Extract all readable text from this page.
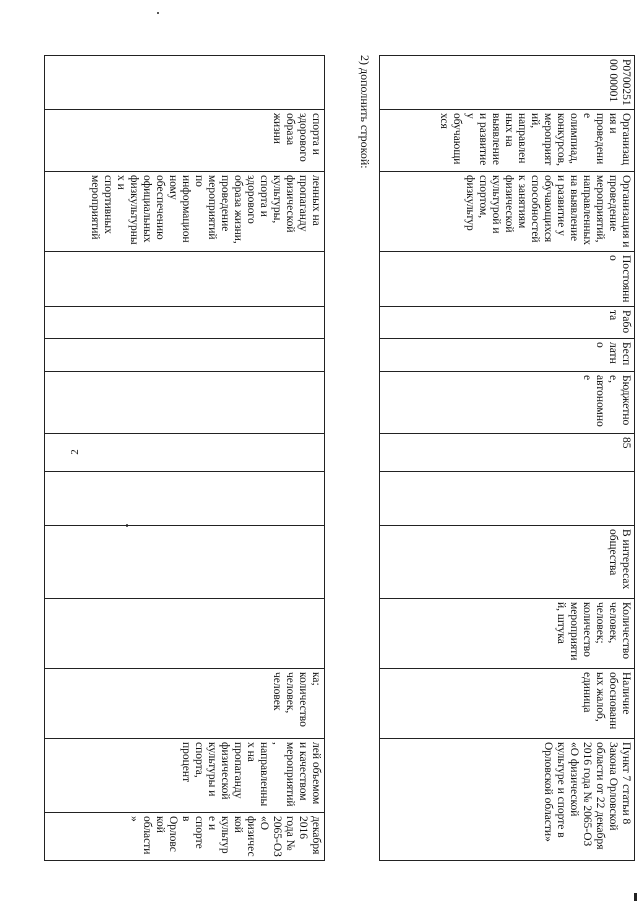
2
	спорта и здорового образа жизни	ленных на пропаганду физической культуры, спорта и здорового образа жизни, проведение мероприятий по информационному обеспечению официальных физкультурных и спортивных мероприятий									ка; количество человек, человек	лей объемом и качеством мероприятий, направленных на пропаганду физической культуры и спорта, процент	декабря 2016 года № 2065-ОЗ «О физической культуре и спорте в Орловской области»
2) дополнить строкой:	Р070025100 00001	Организация и проведение олимпиад, конкурсов, мероприятий, направленных на выявление и развитие у обучающихся	Организация и проведение мероприятий, направленных на выявление и развитие у обучающихся способностей к занятиям физической культурой и спортом, физкультур	Постоянно	Работа	Бесплатно	Бюджетное, автономное	85		В интересах общества	Количество человек, человек; количество мероприятий, штука	Наличие обоснованных жалоб, единица	Пункт 7 статьи 8 Закона Орловской области от 22 декабря 2016 года № 2065-ОЗ «О физической культуре и спорте в Орловской области»
